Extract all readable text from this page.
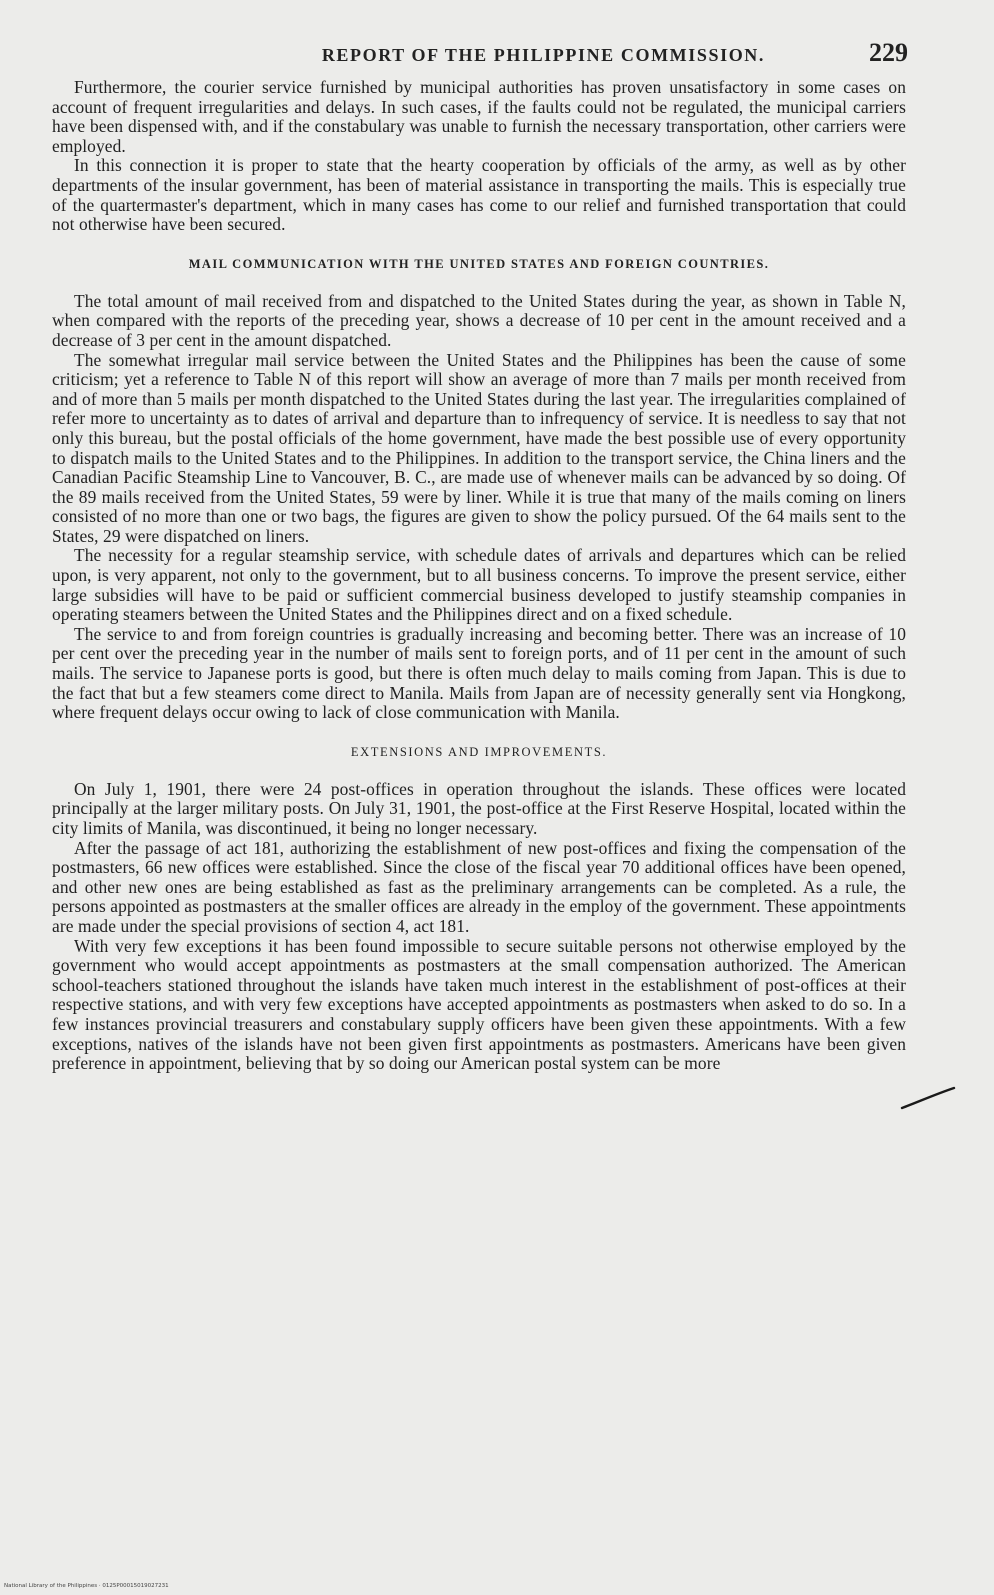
REPORT OF THE PHILIPPINE COMMISSION.	229

Furthermore, the courier service furnished by municipal authorities has proven unsatisfactory in some cases on account of frequent irregularities and delays. In such cases, if the faults could not be regulated, the municipal carriers have been dispensed with, and if the constabulary was unable to furnish the necessary transportation, other carriers were employed.

In this connection it is proper to state that the hearty cooperation by officials of the army, as well as by other departments of the insular government, has been of material assistance in transporting the mails. This is especially true of the quartermaster's department, which in many cases has come to our relief and furnished transportation that could not otherwise have been secured.

MAIL COMMUNICATION WITH THE UNITED STATES AND FOREIGN COUNTRIES.

The total amount of mail received from and dispatched to the United States during the year, as shown in Table N, when compared with the reports of the preceding year, shows a decrease of 10 per cent in the amount received and a decrease of 3 per cent in the amount dispatched.

The somewhat irregular mail service between the United States and the Philippines has been the cause of some criticism; yet a reference to Table N of this report will show an average of more than 7 mails per month received from and of more than 5 mails per month dispatched to the United States during the last year. The irregularities complained of refer more to uncertainty as to dates of arrival and departure than to infrequency of service. It is needless to say that not only this bureau, but the postal officials of the home government, have made the best possible use of every opportunity to dispatch mails to the United States and to the Philippines. In addition to the transport service, the China liners and the Canadian Pacific Steamship Line to Vancouver, B. C., are made use of whenever mails can be advanced by so doing. Of the 89 mails received from the United States, 59 were by liner. While it is true that many of the mails coming on liners consisted of no more than one or two bags, the figures are given to show the policy pursued. Of the 64 mails sent to the States, 29 were dispatched on liners.

The necessity for a regular steamship service, with schedule dates of arrivals and departures which can be relied upon, is very apparent, not only to the government, but to all business concerns. To improve the present service, either large subsidies will have to be paid or sufficient commercial business developed to justify steamship companies in operating steamers between the United States and the Philippines direct and on a fixed schedule.

The service to and from foreign countries is gradually increasing and becoming better. There was an increase of 10 per cent over the preceding year in the number of mails sent to foreign ports, and of 11 per cent in the amount of such mails. The service to Japanese ports is good, but there is often much delay to mails coming from Japan. This is due to the fact that but a few steamers come direct to Manila. Mails from Japan are of necessity generally sent via Hongkong, where frequent delays occur owing to lack of close communication with Manila.

EXTENSIONS AND IMPROVEMENTS.

On July 1, 1901, there were 24 post-offices in operation throughout the islands. These offices were located principally at the larger military posts. On July 31, 1901, the post-office at the First Reserve Hospital, located within the city limits of Manila, was discontinued, it being no longer necessary.

After the passage of act 181, authorizing the establishment of new post-offices and fixing the compensation of the postmasters, 66 new offices were established. Since the close of the fiscal year 70 additional offices have been opened, and other new ones are being established as fast as the preliminary arrangements can be completed. As a rule, the persons appointed as postmasters at the smaller offices are already in the employ of the government. These appointments are made under the special provisions of section 4, act 181.

With very few exceptions it has been found impossible to secure suitable persons not otherwise employed by the government who would accept appointments as postmasters at the small compensation authorized. The American school-teachers stationed throughout the islands have taken much interest in the establishment of post-offices at their respective stations, and with very few exceptions have accepted appointments as postmasters when asked to do so. In a few instances provincial treasurers and constabulary supply officers have been given these appointments. With a few exceptions, natives of the islands have not been given first appointments as postmasters. Americans have been given preference in appointment, believing that by so doing our American postal system can be more

National Library of the Philippines · 0125P00015019027231
